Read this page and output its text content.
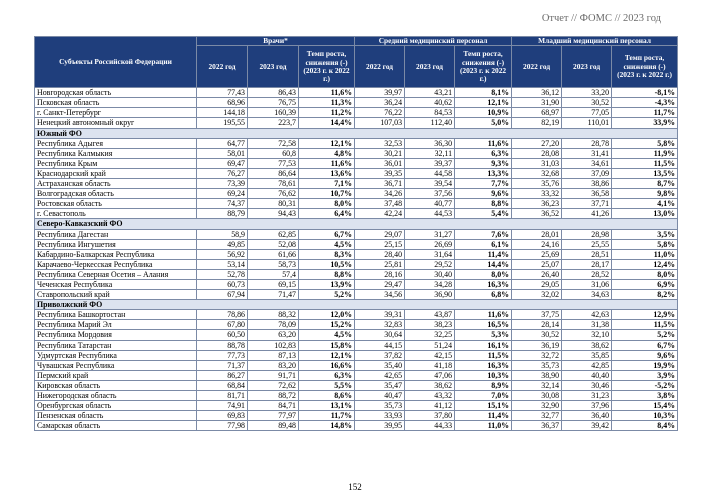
Отчет // ФОМС // 2023 год
Субъекты Российской Федерации	Врачи*			Средний медицинский персонал			Младший медицинский персонал		
	2022 год	2023 год	Темп роста, снижения (-) (2023 г. к 2022 г.)	2022 год	2023 год	Темп роста, снижения (-) (2023 г. к 2022 г.)	2022 год	2023 год	Темп роста, снижения (-) (2023 г. к 2022 г.)
Новгородская область	77,43	86,43	11,6%	39,97	43,21	8,1%	36,12	33,20	-8,1%
Псковская область	68,96	76,75	11,3%	36,24	40,62	12,1%	31,90	30,52	-4,3%
г. Санкт-Петербург	144,18	160,39	11,2%	76,22	84,53	10,9%	68,97	77,05	11,7%
Ненецкий автономный округ	195,55	223,7	14,4%	107,03	112,40	5,0%	82,19	110,01	33,9%
Южный ФО									
Республика Адыгея	64,77	72,58	12,1%	32,53	36,30	11,6%	27,20	28,78	5,8%
Республика Калмыкия	58,01	60,8	4,8%	30,21	32,11	6,3%	28,08	31,41	11,9%
Республика Крым	69,47	77,53	11,6%	36,01	39,37	9,3%	31,03	34,61	11,5%
Краснодарский край	76,27	86,64	13,6%	39,35	44,58	13,3%	32,68	37,09	13,5%
Астраханская область	73,39	78,61	7,1%	36,71	39,54	7,7%	35,76	38,86	8,7%
Волгоградская область	69,24	76,62	10,7%	34,26	37,56	9,6%	33,32	36,58	9,8%
Ростовская область	74,37	80,31	8,0%	37,48	40,77	8,8%	36,23	37,71	4,1%
г. Севастополь	88,79	94,43	6,4%	42,24	44,53	5,4%	36,52	41,26	13,0%
Северо-Кавказский ФО									
Республика Дагестан	58,9	62,85	6,7%	29,07	31,27	7,6%	28,01	28,98	3,5%
Республика Ингушетия	49,85	52,08	4,5%	25,15	26,69	6,1%	24,16	25,55	5,8%
Кабардино-Балкарская Республика	56,92	61,66	8,3%	28,40	31,64	11,4%	25,69	28,51	11,0%
Карачаево-Черкесская Республика	53,14	58,73	10,5%	25,81	29,52	14,4%	25,07	28,17	12,4%
Республика Северная Осетия – Алания	52,78	57,4	8,8%	28,16	30,40	8,0%	26,40	28,52	8,0%
Чеченская Республика	60,73	69,15	13,9%	29,47	34,28	16,3%	29,05	31,06	6,9%
Ставропольский край	67,94	71,47	5,2%	34,56	36,90	6,8%	32,02	34,63	8,2%
Приволжский ФО									
Республика Башкортостан	78,86	88,32	12,0%	39,31	43,87	11,6%	37,75	42,63	12,9%
Республика Марий Эл	67,80	78,09	15,2%	32,83	38,23	16,5%	28,14	31,38	11,5%
Республика Мордовия	60,50	63,20	4,5%	30,64	32,25	5,3%	30,52	32,10	5,2%
Республика Татарстан	88,78	102,83	15,8%	44,15	51,24	16,1%	36,19	38,62	6,7%
Удмуртская Республика	77,73	87,13	12,1%	37,82	42,15	11,5%	32,72	35,85	9,6%
Чувашская Республика	71,37	83,20	16,6%	35,40	41,18	16,3%	35,73	42,85	19,9%
Пермский край	86,27	91,71	6,3%	42,65	47,06	10,3%	38,90	40,40	3,9%
Кировская область	68,84	72,62	5,5%	35,47	38,62	8,9%	32,14	30,46	-5,2%
Нижегородская область	81,71	88,72	8,6%	40,47	43,32	7,0%	30,08	31,23	3,8%
Оренбургская область	74,91	84,71	13,1%	35,73	41,12	15,1%	32,90	37,96	15,4%
Пензенская область	69,83	77,97	11,7%	33,93	37,80	11,4%	32,77	36,40	10,3%
Самарская область	77,98	89,48	14,8%	39,95	44,33	11,0%	36,37	39,42	8,4%
152
